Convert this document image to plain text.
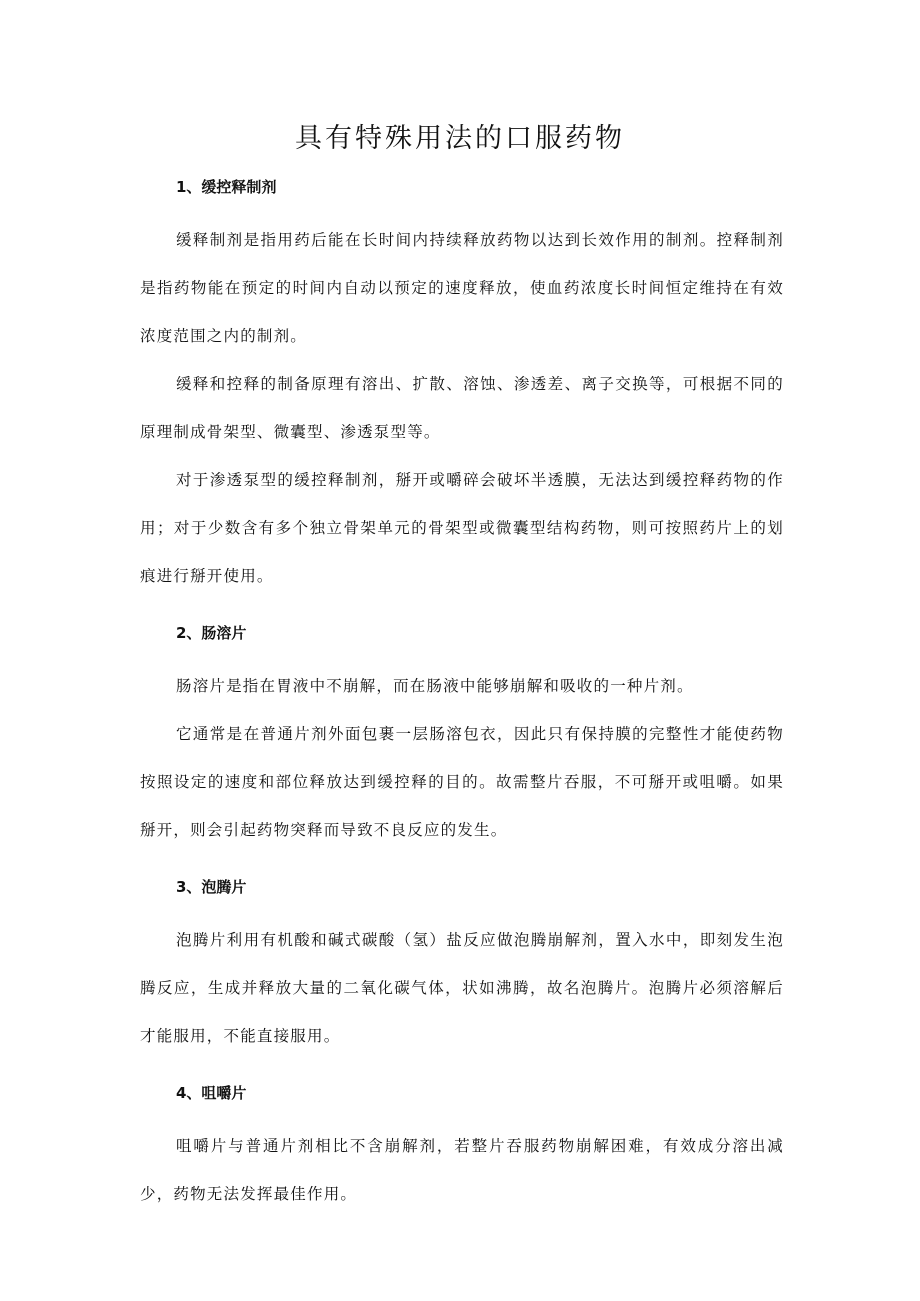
具有特殊用法的口服药物
1、缓控释制剂

缓释制剂是指用药后能在长时间内持续释放药物以达到长效作用的制剂。控释制剂是指药物能在预定的时间内自动以预定的速度释放，使血药浓度长时间恒定维持在有效浓度范围之内的制剂。

缓释和控释的制备原理有溶出、扩散、溶蚀、渗透差、离子交换等，可根据不同的原理制成骨架型、微囊型、渗透泵型等。

对于渗透泵型的缓控释制剂，掰开或嚼碎会破坏半透膜，无法达到缓控释药物的作用；对于少数含有多个独立骨架单元的骨架型或微囊型结构药物，则可按照药片上的划痕进行掰开使用。

2、肠溶片

肠溶片是指在胃液中不崩解，而在肠液中能够崩解和吸收的一种片剂。

它通常是在普通片剂外面包裹一层肠溶包衣，因此只有保持膜的完整性才能使药物按照设定的速度和部位释放达到缓控释的目的。故需整片吞服，不可掰开或咀嚼。如果掰开，则会引起药物突释而导致不良反应的发生。

3、泡腾片

泡腾片利用有机酸和碱式碳酸（氢）盐反应做泡腾崩解剂，置入水中，即刻发生泡腾反应，生成并释放大量的二氧化碳气体，状如沸腾，故名泡腾片。泡腾片必须溶解后才能服用，不能直接服用。

4、咀嚼片

咀嚼片与普通片剂相比不含崩解剂，若整片吞服药物崩解困难，有效成分溶出减少，药物无法发挥最佳作用。
